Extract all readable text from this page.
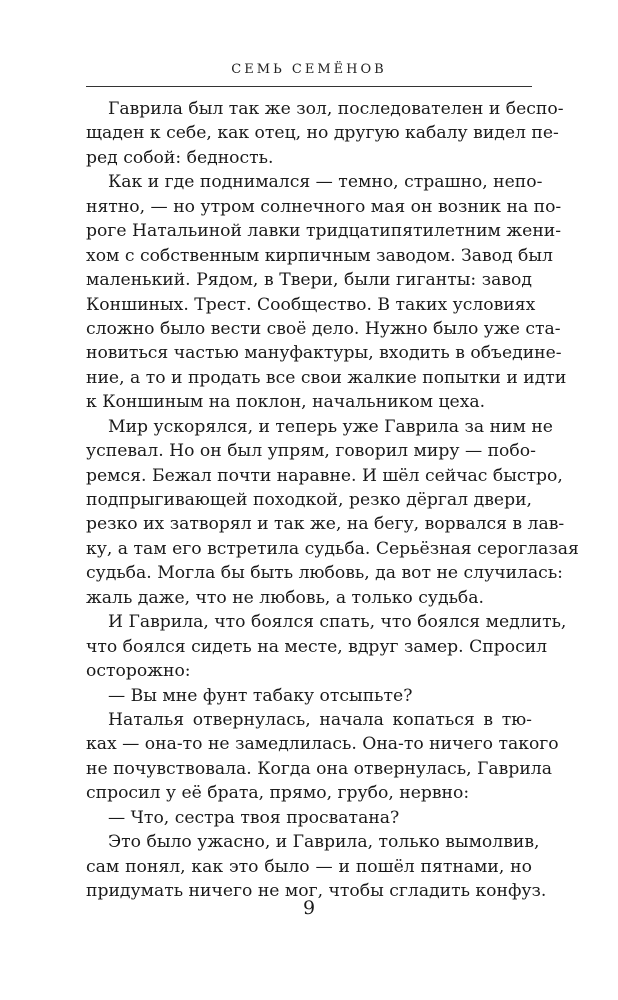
СЕМЬ СЕМЁНОВ
Гаврила был так же зол, последователен и беспо-
щаден к себе, как отец, но другую кабалу видел пе-
ред собой: бедность.
Как и где поднимался — темно, страшно, непо-
нятно, — но утром солнечного мая он возник на по-
роге Натальиной лавки тридцатипятилетним жени-
хом с собственным кирпичным заводом. Завод был
маленький. Рядом, в Твери, были гиганты: завод
Коншиных. Трест. Сообщество. В таких условиях
сложно было вести своё дело. Нужно было уже ста-
новиться частью мануфактуры, входить в объедине-
ние, а то и продать все свои жалкие попытки и идти
к Коншиным на поклон, начальником цеха.
Мир ускорялся, и теперь уже Гаврила за ним не
успевал. Но он был упрям, говорил миру — побо-
ремся. Бежал почти наравне. И шёл сейчас быстро,
подпрыгивающей походкой, резко дёргал двери,
резко их затворял и так же, на бегу, ворвался в лав-
ку, а там его встретила судьба. Серьёзная сероглазая
судьба. Могла бы быть любовь, да вот не случилась:
жаль даже, что не любовь, а только судьба.
И Гаврила, что боялся спать, что боялся медлить,
что боялся сидеть на месте, вдруг замер. Спросил
осторожно:
— Вы мне фунт табаку отсыпьте?
Наталья отвернулась, начала копаться в тю-
ках — она-то не замедлилась. Она-то ничего такого
не почувствовала. Когда она отвернулась, Гаврила
спросил у её брата, прямо, грубо, нервно:
— Что, сестра твоя просватана?
Это было ужасно, и Гаврила, только вымолвив,
сам понял, как это было — и пошёл пятнами, но
придумать ничего не мог, чтобы сгладить конфуз.
9
